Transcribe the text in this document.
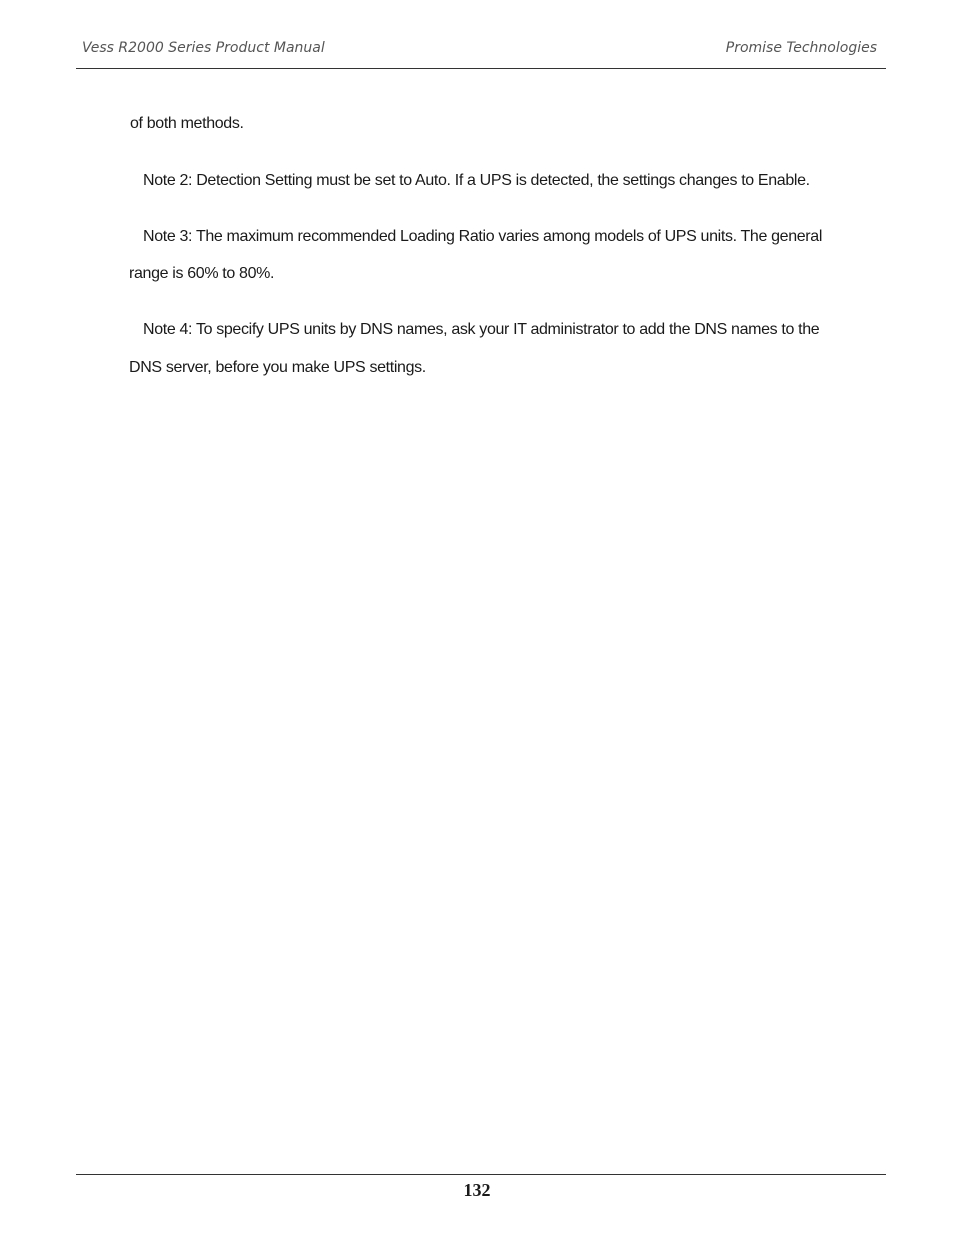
Vess R2000 Series Product Manual	Promise Technologies
of both methods.
Note 2: Detection Setting must be set to Auto. If a UPS is detected, the settings changes to Enable.
Note 3: The maximum recommended Loading Ratio varies among models of UPS units. The general
range is 60% to 80%.
Note 4: To specify UPS units by DNS names, ask your IT administrator to add the DNS names to the
DNS server, before you make UPS settings.
132
